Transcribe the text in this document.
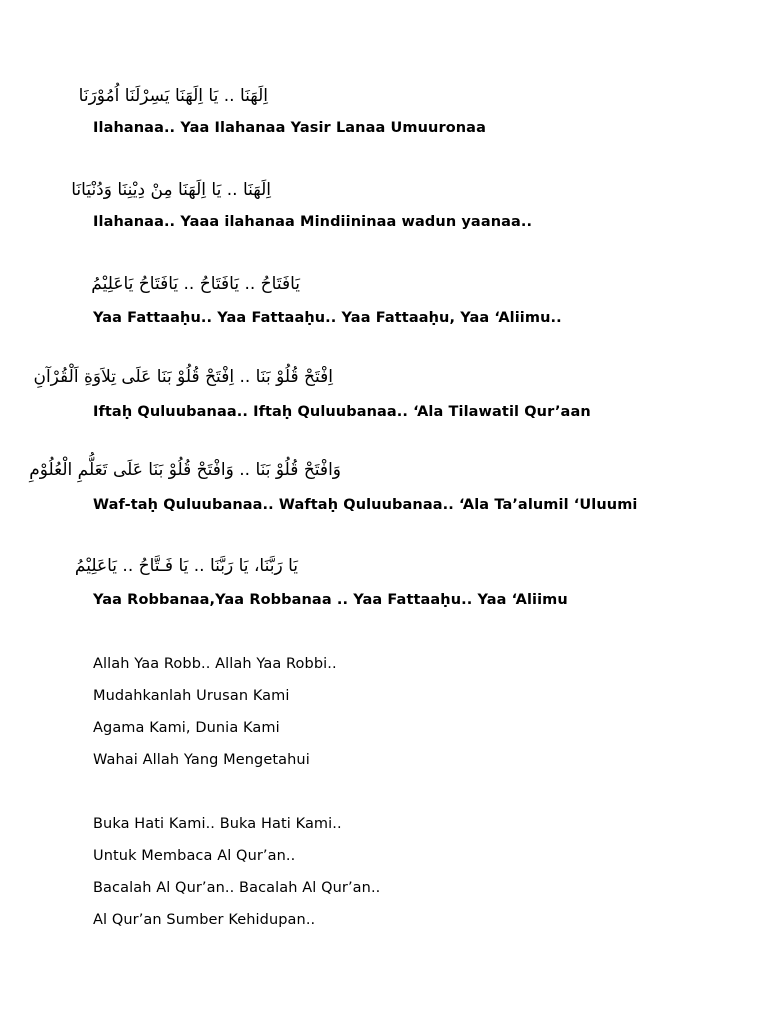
اِلَهَنَا .. يَا اِلَهَنَا يَسِرْلَنَا اُمُوْرَنَا
Ilahanaa.. Yaa Ilahanaa Yasir Lanaa Umuuronaa
اِلَهَنَا .. يَا اِلَهَنَا مِنْ دِيْنِنَا وَدُنْيَانَا
Ilahanaa.. Yaaa ilahanaa Mindiininaa wadun yaanaa..
يَافَتَاحُ .. يَافَتَاحُ .. يَافَتَاحُ يَاعَلِيْمُ
Yaa Fattaaḥu.. Yaa Fattaaḥu.. Yaa Fattaaḥu, Yaa ‘Aliimu..
اِفْتَحْ قُلُوْ بَنَا .. اِفْتَحْ قُلُوْ بَنَا عَلَى تِلاَوَةِ اَلْقُرْآنِ
Iftaḥ Quluubanaa.. Iftaḥ Quluubanaa.. ‘Ala Tilawatil Qur’aan
وَافْتَحْ قُلُوْ بَنَا .. وَافْتَحْ قُلُوْ بَنَا عَلَى تَعَلُّمِ الْعُلُوْمِ
Waf-taḥ Quluubanaa.. Waftaḥ Quluubanaa.. ‘Ala Ta’alumil ‘Uluumi
يَا رَبَّنَا، يَا رَبَّنَا .. يَا فَـتَّاحُ .. يَاعَلِيْمُ
Yaa Robbanaa,Yaa Robbanaa .. Yaa Fattaaḥu.. Yaa ‘Aliimu
Allah Yaa Robb.. Allah Yaa Robbi..
Mudahkanlah Urusan Kami
Agama Kami, Dunia Kami
Wahai Allah Yang Mengetahui
Buka Hati Kami.. Buka Hati Kami..
Untuk Membaca Al Qur’an..
Bacalah Al Qur’an.. Bacalah Al Qur’an..
Al Qur’an Sumber Kehidupan..
